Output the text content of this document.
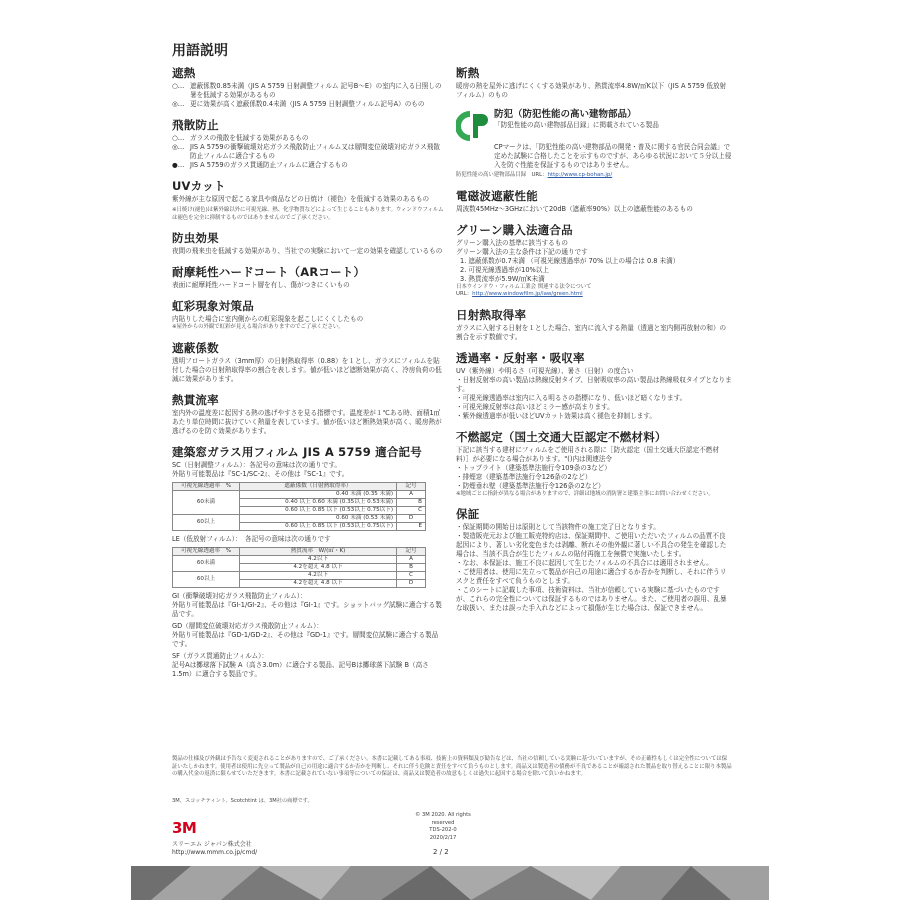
用語説明
遮熱
○… 遮蔽係数0.85未満（JIS A 5759 日射調整フィルム 記号B～E）の室内に入る日照しの暑を低減する効果があるもの
◎… 更に効果が高く遮蔽係数0.4未満（JIS A 5759 日射調整フィルム記号A）のもの
飛散防止
○… ガラスの飛散を低減する効果があるもの
◎… JIS A 5759の衝撃破壊対応ガラス飛散防止フィルム又は層間変位破壊対応ガラス飛散防止フィルムに適合するもの
●… JIS A 5759のガラス貫通防止フィルムに適合するもの
UVカット
紫外線が主な原因で起こる家具や商品などの日焼け（褪色）を低減する効果のあるもの
※日焼け(褪色)は紫外線以外に可視光線、熱、化学物質などによって生じることもあります。ウィンドウフィルムは褪色を完全に抑制するものではありませんのでご了承ください。
防虫効果
夜間の飛来虫を低減する効果があり、当社での実験において一定の効果を確認しているもの
耐摩耗性ハードコート（ARコート）
表面に耐摩耗性ハードコート層を有し、傷がつきにくいもの
虹彩現象対策品
内貼りした場合に室内側からの虹彩現象を起こしにくくしたもの
※屋外からの外観で虹彩が見える場合がありますのでご了承ください。
遮蔽係数
透明フロートガラス（3mm厚）の日射熱取得率（0.88）を１とし、ガラスにフィルムを貼付した場合の日射熱取得率の割合を表します。値が低いほど遮断効果が高く、冷房負荷の低減に効果があります。
熱貫流率
室内外の温度差に起因する熱の逃げやすさを見る指標です。温度差が１℃ある時、面積1㎡あたり単位時間に抜けていく熱量を表しています。値が低いほど断熱効果が高く、暖房熱が逃げるのを防ぐ効果があります。
建築窓ガラス用フィルム JIS A 5759 適合記号
SC（日射調整フィルム）：各記号の意味は次の通りです。
外貼り可能製品は『SC-1/SC-2』、その他は『SC-1』です。
可視光線透過率　%	遮蔽係数（日射熱取得率）	記号
60未満	0.40 未満 (0.35 未満)	A
	0.40 以上 0.60 未満 (0.35以上 0.53未満)	B
	0.60 以上 0.85 以下 (0.53以上 0.75以下)	C
60以上	0.60 未満 (0.53 未満)	D
	0.60 以上 0.85 以下 (0.53以上 0.75以下)	E
LE（低放射フィルム）：　各記号の意味は次の通りです
可視光線透過率　%	熱貫流率　W/(㎡・K)	記号
60未満	4.2以下	A
	4.2を超え 4.8 以下	B
60以上	4.2以下	C
	4.2を超え 4.8 以下	D
GI（衝撃破壊対応ガラス飛散防止フィルム）：
外貼り可能製品は『GI-1/GI-2』、その他は『GI-1』です。ショットバッグ試験に適合する製品です。
GD（層間変位破壊対応ガラス飛散防止フィルム）：
外貼り可能製品は『GD-1/GD-2』、その他は『GD-1』です。層間変位試験に適合する製品です。
SF（ガラス貫通防止フィルム）：
記号Aは擲球落下試験 A（高さ3.0m）に適合する製品、記号Bは擲球落下試験 B（高さ1.5m）に適合する製品です。
断熱
暖房の熱を屋外に逃げにくくする効果があり、熱貫流率4.8W/㎡K以下（JIS A 5759 低放射フィルム）のもの
防犯（防犯性能の高い建物部品）
「防犯性能の高い建物部品目録」に掲載されている製品
CPマークは、「防犯性能の高い建物部品の開発・普及に関する官民合同会議」で定めた試験に合格したことを示すものですが、あらゆる状況において５分以上侵入を防ぐ性能を保証するものではありません。
防犯性能の高い建物部品目録　URL：http://www.cp-bohan.jp/
電磁波遮蔽性能
周波数45MHz～3GHzにおいて20dB（遮蔽率90%）以上の遮蔽性能のあるもの
グリーン購入法適合品
グリーン購入法の基準に該当するもの
グリーン購入法の主な条件は下記の通りです
1. 遮蔽係数が0.7未満 （可視光線透過率が 70% 以上の場合は 0.8 未満）
2. 可視光線透過率が10%以上
3. 熱貫流率が5.9W/㎡K未満
日本ウインドウ・フィルム工業会 関連する法令について
URL：http://www.windowfilm.jp/law/green.html
日射熱取得率
ガラスに入射する日射を１とした場合、室内に流入する熱量（透過と室内側再放射の和）の割合を示す数値です。
透過率・反射率・吸収率
UV（紫外線）や明るさ（可視光線）、暑さ（日射）の度合い
・日射反射率の高い製品は熱線反射タイプ、日射吸収率の高い製品は熱線吸収タイプとなります。
・可視光線透過率は室内に入る明るさの指標になり、低いほど暗くなります。
・可視光線反射率は高いほどミラー感が高まります。
・紫外線透過率が低いほどUVカット効果は高く褪色を抑制します。
不燃認定（国土交通大臣認定不燃材料）
下記に該当する建材にフィルムをご使用される際に［防火認定（国土交通大臣認定不燃材料）］が必要になる場合があります。"()内は関連法令
・トップライト（建築基準法施行令109条の3など）
・排煙窓（建築基準法施行令126条の2など）
・防煙垂れ壁（建築基準法施行令126条の2など）
※地域ごとに指針が異なる場合がありますので、詳細は地域の消防署と建築主事にお問い合わせください。
保証
・保証期間の開始日は原則として当該物件の施工完了日となります。
・製造販売元および施工販売特約店は、保証期間中、ご使用いただいたフィルムの品質不良起因により、著しい劣化変色または剥離、断れその他外観に著しい不具合の発生を確認した場合は、当該不具合が生じたフィルムの貼付再施工を無償で実施いたします。
・なお、本保証は、施工不良に起因して生じたフィルムの不具合には適用されません。
・ご使用者は、使用に先立って製品が自己の用途に適合するか否かを判断し、それに伴うリスクと責任をすべて負うものとします。
・このシートに記載した事項、技術資料は、当社が信頼している実験に基づいたものですが、これらの完全性については保証するものではありません。また、ご使用者の誤用、乱暴な取扱い、または誤った手入れなどによって損傷が生じた場合は、保証できません。
製品の仕様及び外観は予告なく変更されることがありますので、ご了承ください。本書に記載してある事項、技術上の資料類及び勧告などは、当社の信頼している実験に基づいていますが、その正確性もしくは完全性については保証いたしかねます。使用者は使用に先立って製品が自己の用途に適合するか否かを判断し、それに伴う危険と責任をすべて負うものとします。商品又は製造者の債務が不良であることが確認された製品を取り替えることに限り本製品の購入代金の返済に限らせていただきます。本書に記載されていない事項等についての保証は、商品又は製造者の故意もしくは過失に起因する場合を除いて負いかねます。
3M、スコッチティント、Scotchtint は、3M社の商標です。
© 3M 2020. All rights reserved
TDS-202-0
2020/2/17
3M
スリーエム ジャパン株式会社
http://www.mmm.co.jp/cmd/	2 / 2
